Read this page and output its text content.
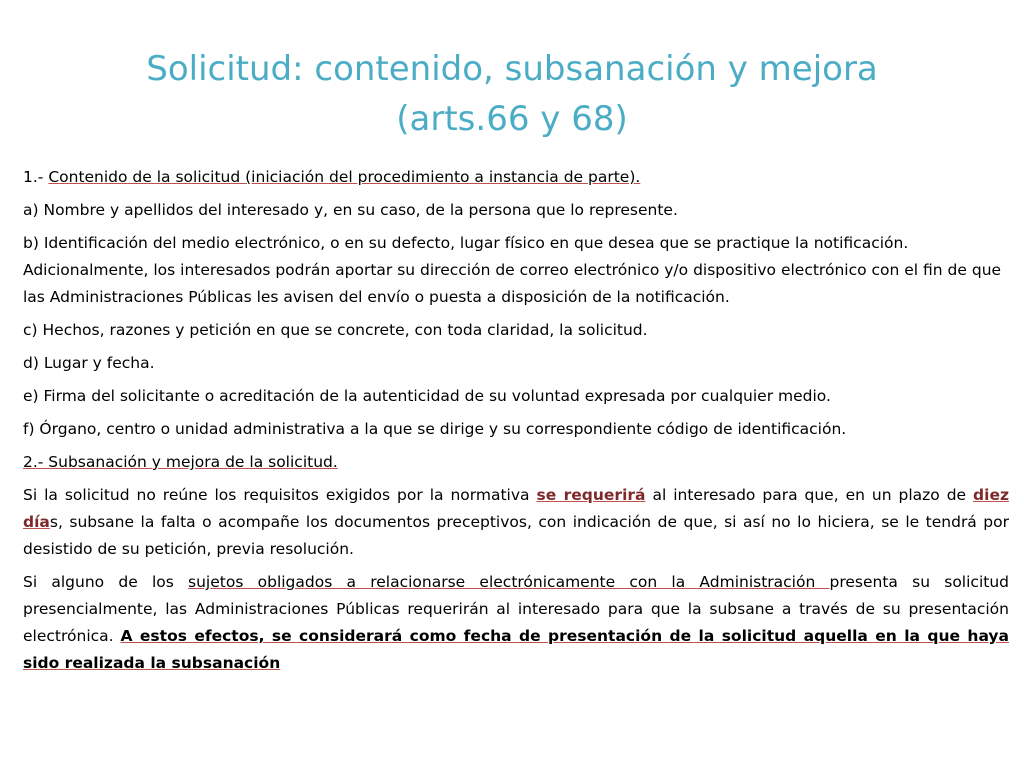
Solicitud: contenido, subsanación y mejora
(arts.66 y 68)

1.- Contenido de la solicitud (iniciación del procedimiento a instancia de parte).

a) Nombre y apellidos del interesado y, en su caso, de la persona que lo represente.

b) Identificación del medio electrónico, o en su defecto, lugar físico en que desea que se practique la notificación. Adicionalmente, los interesados podrán aportar su dirección de correo electrónico y/o dispositivo electrónico con el fin de que las Administraciones Públicas les avisen del envío o puesta a disposición de la notificación.

c) Hechos, razones y petición en que se concrete, con toda claridad, la solicitud.

d) Lugar y fecha.

e) Firma del solicitante o acreditación de la autenticidad de su voluntad expresada por cualquier medio.

f) Órgano, centro o unidad administrativa a la que se dirige y su correspondiente código de identificación.

2.- Subsanación y mejora de la solicitud.

Si la solicitud no reúne los requisitos exigidos por la normativa se requerirá al interesado para que, en un plazo de diez días, subsane la falta o acompañe los documentos preceptivos, con indicación de que, si así no lo hiciera, se le tendrá por desistido de su petición, previa resolución.

Si alguno de los sujetos obligados a relacionarse electrónicamente con la Administración presenta su solicitud presencialmente, las Administraciones Públicas requerirán al interesado para que la subsane a través de su presentación electrónica. A estos efectos, se considerará como fecha de presentación de la solicitud aquella en la que haya sido realizada la subsanación
